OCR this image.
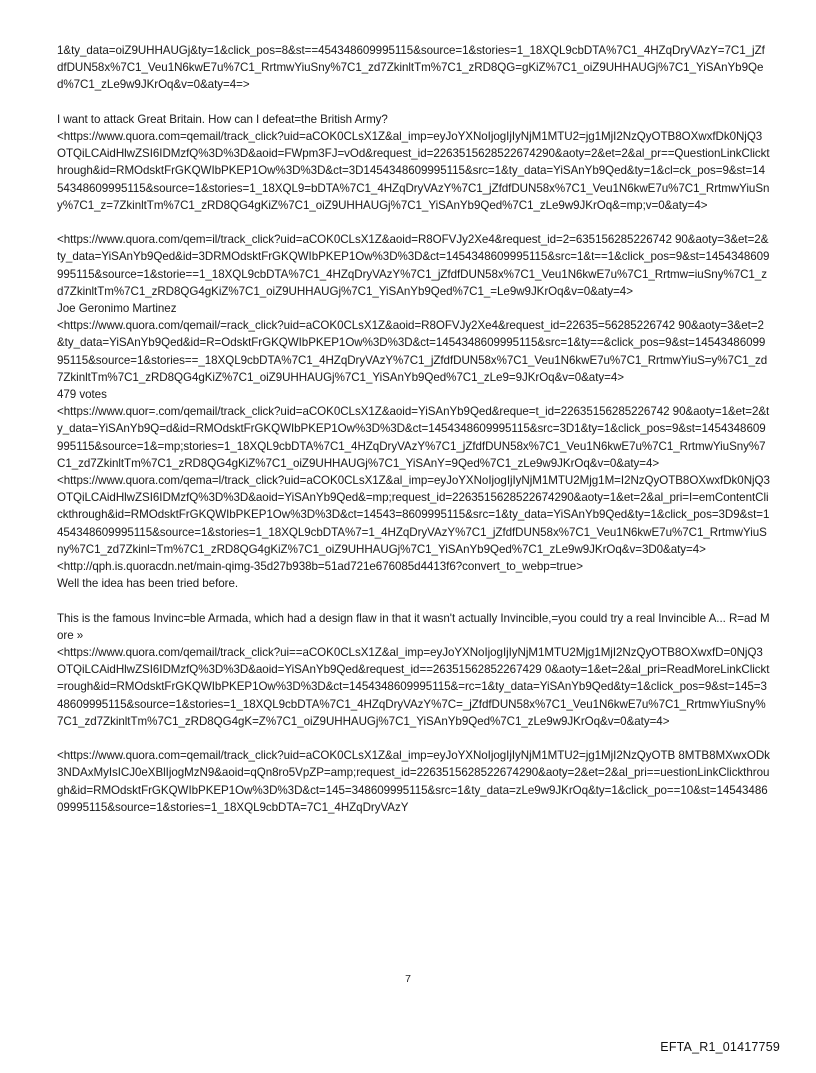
1&ty_data=oiZ9UHHAUGj&ty=1&click_pos=8&st==454348609995115&source=1&stories=1_18XQL9cbDTA%7C1_4HZqDryVAzY=7C1_jZfdfDUN58x%7C1_Veu1N6kwE7u%7C1_RrtmwYiuSny%7C1_zd7ZkinltTm%7C1_zRD8QG=gKiZ%7C1_oiZ9UHHAUGj%7C1_YiSAnYb9Qed%7C1_zLe9w9JKrOq&v=0&aty=4=>

I want to attack Great Britain. How can I defeat=the British Army?

<https://www.quora.com=qemail/track_click?uid=aCOK0CLsX1Z&al_imp=eyJoYXNoIjogIjIyNjM1MTU2=jg1MjI2NzQyOTB8OXwxfDk0NjQ3OTQiLCAidHlwZSI6IDMzfQ%3D%3D&aoid=FWpm3FJ=vOd&request_id=2263515628522674290&aoty=2&et=2&al_pr==QuestionLinkClickthrough&id=RMOdsktFrGKQWIbPKEP1Ow%3D%3D&ct=3D1454348609995115&src=1&ty_data=YiSAnYb9Qed&ty=1&cl=ck_pos=9&st=1454348609995115&source=1&stories=1_18XQL9=bDTA%7C1_4HZqDryVAzY%7C1_jZfdfDUN58x%7C1_Veu1N6kwE7u%7C1_RrtmwYiuSny%7C1_z=7ZkinltTm%7C1_zRD8QG4gKiZ%7C1_oiZ9UHHAUGj%7C1_YiSAnYb9Qed%7C1_zLe9w9JKrOq&=mp;v=0&aty=4>

<https://www.quora.com/qem=il/track_click?uid=aCOK0CLsX1Z&aoid=R8OFVJy2Xe4&request_id=2=635156285226742 90&aoty=3&et=2&ty_data=YiSAnYb9Qed&id=3DRMOdsktFrGKQWIbPKEP1Ow%3D%3D&ct=1454348609995115&src=1&t==1&click_pos=9&st=1454348609995115&source=1&storie==1_18XQL9cbDTA%7C1_4HZqDryVAzY%7C1_jZfdfDUN58x%7C1_Veu1N6kwE7u%7C1_Rrtmw=iuSny%7C1_zd7ZkinltTm%7C1_zRD8QG4gKiZ%7C1_oiZ9UHHAUGj%7C1_YiSAnYb9Qed%7C1_=Le9w9JKrOq&v=0&aty=4>

Joe Geronimo Martinez

<https://www.quora.com/qemail/=rack_click?uid=aCOK0CLsX1Z&aoid=R8OFVJy2Xe4&request_id=22635=56285226742 90&aoty=3&et=2&ty_data=YiSAnYb9Qed&id=R=OdsktFrGKQWIbPKEP1Ow%3D%3D&ct=1454348609995115&src=1&ty==&click_pos=9&st=1454348609995115&source=1&stories==_18XQL9cbDTA%7C1_4HZqDryVAzY%7C1_jZfdfDUN58x%7C1_Veu1N6kwE7u%7C1_RrtmwYiuS=y%7C1_zd7ZkinltTm%7C1_zRD8QG4gKiZ%7C1_oiZ9UHHAUGj%7C1_YiSAnYb9Qed%7C1_zLe9=9JKrOq&v=0&aty=4>

479 votes

<https://www.quor=.com/qemail/track_click?uid=aCOK0CLsX1Z&aoid=YiSAnYb9Qed&reque=t_id=22635156285226742 90&aoty=1&et=2&ty_data=YiSAnYb9Q=d&id=RMOdsktFrGKQWIbPKEP1Ow%3D%3D&ct=1454348609995115&src=3D1&ty=1&click_pos=9&st=1454348609995115&source=1&=mp;stories=1_18XQL9cbDTA%7C1_4HZqDryVAzY%7C1_jZfdfDUN58x%7C1_Veu1N6kwE7u%7C1_RrtmwYiuSny%7C1_zd7ZkinltTm%7C1_zRD8QG4gKiZ%7C1_oiZ9UHHAUGj%7C1_YiSAnY=9Qed%7C1_zLe9w9JKrOq&v=0&aty=4>

<https://www.quora.com/qema=l/track_click?uid=aCOK0CLsX1Z&al_imp=eyJoYXNoIjogIjIyNjM1MTU2Mjg1M=I2NzQyOTB8OXwxfDk0NjQ3OTQiLCAidHlwZSI6IDMzfQ%3D%3D&aoid=YiSAnYb9Qed&=mp;request_id=2263515628522674290&aoty=1&et=2&al_pri=I=emContentClickthrough&id=RMOdsktFrGKQWIbPKEP1Ow%3D%3D&ct=14543=8609995115&src=1&ty_data=YiSAnYb9Qed&ty=1&click_pos=3D9&st=1454348609995115&source=1&stories=1_18XQL9cbDTA%7=1_4HZqDryVAzY%7C1_jZfdfDUN58x%7C1_Veu1N6kwE7u%7C1_RrtmwYiuSny%7C1_zd7Zkinl=Tm%7C1_zRD8QG4gKiZ%7C1_oiZ9UHHAUGj%7C1_YiSAnYb9Qed%7C1_zLe9w9JKrOq&v=3D0&aty=4>

<http://qph.is.quoracdn.net/main-qimg-35d27b938b=51ad721e676085d4413f6?convert_to_webp=true>

Well the idea has been tried before.

This is the famous Invinc=ble Armada, which had a design flaw in that it wasn't actually Invincible,=you could try a real Invincible A... R=ad More »

<https://www.quora.com/qemail/track_click?ui==aCOK0CLsX1Z&al_imp=eyJoYXNoIjogIjIyNjM1MTU2Mjg1MjI2NzQyOTB8OXwxfD=0NjQ3OTQiLCAidHlwZSI6IDMzfQ%3D%3D&aoid=YiSAnYb9Qed&request_id==26351562852267429 0&aoty=1&et=2&al_pri=ReadMoreLinkClickt=rough&id=RMOdsktFrGKQWIbPKEP1Ow%3D%3D&ct=1454348609995115&=rc=1&ty_data=YiSAnYb9Qed&ty=1&click_pos=9&st=145=348609995115&source=1&stories=1_18XQL9cbDTA%7C1_4HZqDryVAzY%7C=_jZfdfDUN58x%7C1_Veu1N6kwE7u%7C1_RrtmwYiuSny%7C1_zd7ZkinltTm%7C1_zRD8QG4gK=Z%7C1_oiZ9UHHAUGj%7C1_YiSAnYb9Qed%7C1_zLe9w9JKrOq&v=0&aty=4>

<https://www.quora.com=qemail/track_click?uid=aCOK0CLsX1Z&al_imp=eyJoYXNoIjogIjIyNjM1MTU2=jg1MjI2NzQyOTB 8MTB8MXwxODk3NDAxMyIsICJ0eXBlIjogMzN9&aoid=qQn8ro5VpZP=amp;request_id=2263515628522674290&aoty=2&et=2&al_pri==uestionLinkClickthrough&id=RMOdsktFrGKQWIbPKEP1Ow%3D%3D&ct=145=348609995115&src=1&ty_data=zLe9w9JKrOq&ty=1&click_po==10&st=1454348609995115&source=1&stories=1_18XQL9cbDTA=7C1_4HZqDryVAzY

7
EFTA_R1_01417759
